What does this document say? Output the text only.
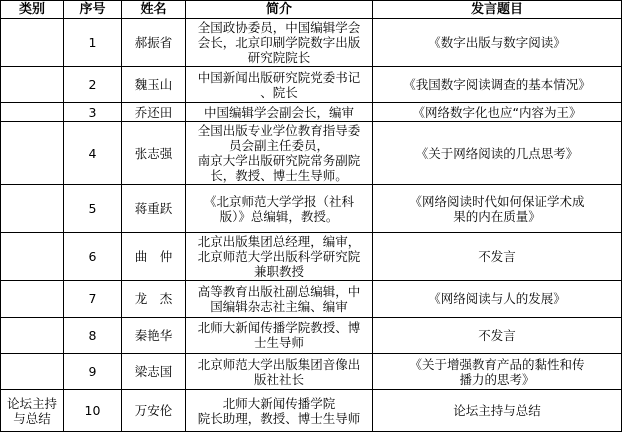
类别	序号	姓名	简介	发言题目
	1	郝振省	全国政协委员，中国编辑学会
会长，北京印刷学院数字出版
研究院院长	《数字出版与数字阅读》
	2	魏玉山	中国新闻出版研究院党委书记
、院长	《我国数字阅读调查的基本情况》
	3	乔还田	中国编辑学会副会长，编审	《网络数字化也应“内容为王》
	4	张志强	全国出版专业学位教育指导委
员会副主任委员，
南京大学出版研究院常务副院
长，教授、博士生导师。	《关于网络阅读的几点思考》
	5	蒋重跃	《北京师范大学学报（社科
版）》总编辑，教授。	《网络阅读时代如何保证学术成
果的内在质量》
	6	曲　仲	北京出版集团总经理，编审，
北京师范大学出版科学研究院
兼职教授	不发言
	7	龙　杰	高等教育出版社副总编辑，中
国编辑杂志社主编、编审	《网络阅读与人的发展》
	8	秦艳华	北师大新闻传播学院教授、博
士生导师	不发言
	9	梁志国	北京师范大学出版集团音像出
版社社长	《关于增强教育产品的黏性和传
播力的思考》
论坛主持与总结	10	万安伦	北师大新闻传播学院
院长助理，教授、博士生导师	论坛主持与总结
